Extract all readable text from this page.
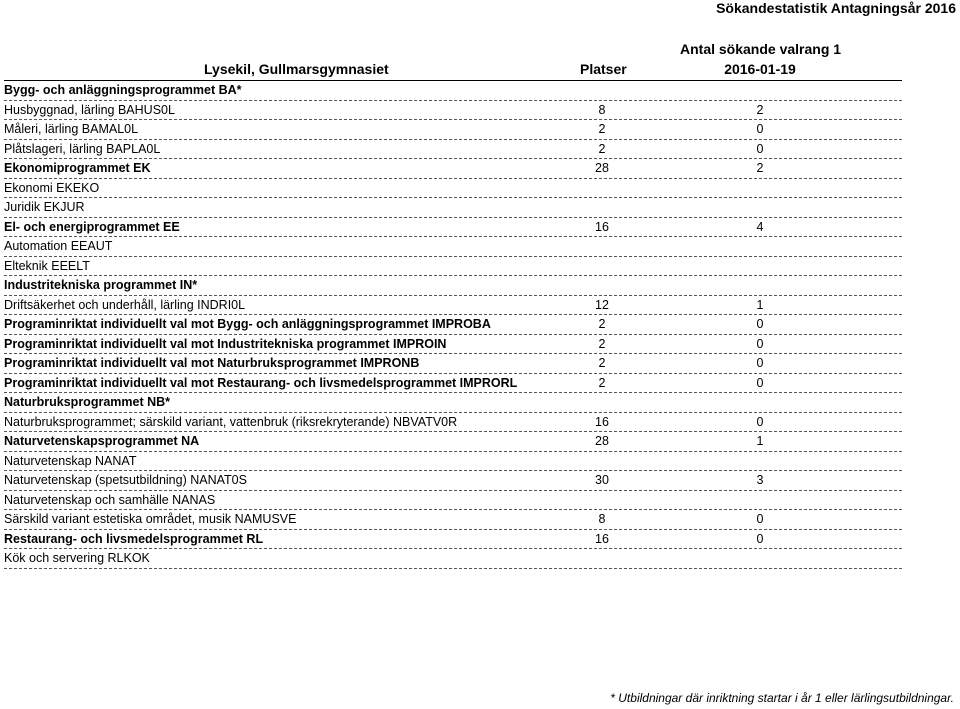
Sökandestatistik Antagningsår 2016
Lysekil, Gullmarsgymnasiet	Platser
Antal sökande valrang 1
2016-01-19
Bygg- och anläggningsprogrammet BA*
Husbyggnad, lärling BAHUS0L	8	2
Måleri, lärling BAMAL0L	2	0
Plåtslageri, lärling BAPLA0L	2	0
Ekonomiprogrammet EK	28	2
Ekonomi EKEKO
Juridik EKJUR
El- och energiprogrammet EE	16	4
Automation EEAUT
Elteknik EEELT
Industritekniska programmet IN*
Driftsäkerhet och underhåll, lärling INDRI0L	12	1
Programinriktat individuellt val mot Bygg- och anläggningsprogrammet IMPROBA	2	0
Programinriktat individuellt val mot Industritekniska programmet IMPROIN	2	0
Programinriktat individuellt val mot Naturbruksprogrammet IMPRONB	2	0
Programinriktat individuellt val mot Restaurang- och livsmedelsprogrammet IMPRORL	2	0
Naturbruksprogrammet NB*
Naturbruksprogrammet; särskild variant, vattenbruk (riksrekryterande) NBVATV0R	16	0
Naturvetenskapsprogrammet NA	28	1
Naturvetenskap NANAT
Naturvetenskap (spetsutbildning) NANAT0S	30	3
Naturvetenskap och samhälle NANAS
Särskild variant estetiska området, musik NAMUSVE	8	0
Restaurang- och livsmedelsprogrammet RL	16	0
Kök och servering RLKOK
* Utbildningar där inriktning startar i år 1 eller lärlingsutbildningar.
